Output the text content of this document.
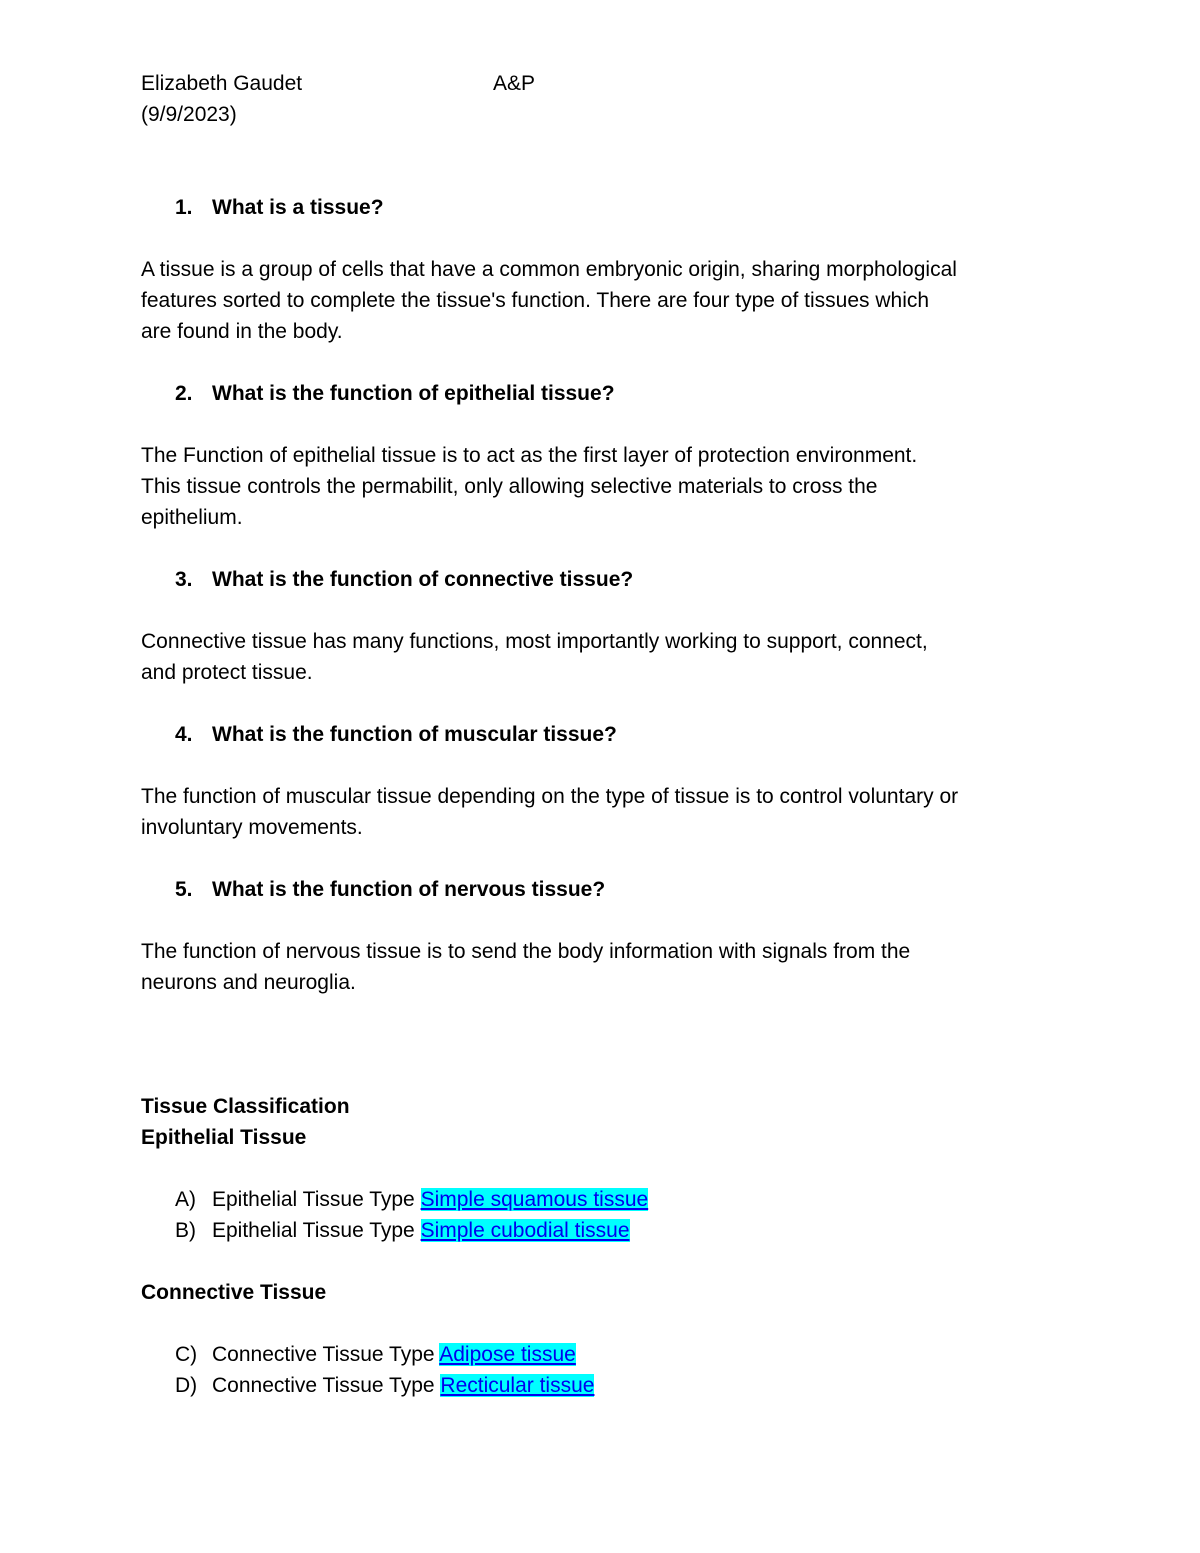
Elizabeth Gaudet	A&P
(9/9/2023)
1. What is a tissue?
A tissue is a group of cells that have a common embryonic origin, sharing morphological
features sorted to complete the tissue's function. There are four type of tissues which
are found in the body.
2. What is the function of epithelial tissue?
The Function of epithelial tissue is to act as the first layer of protection environment.
This tissue controls the permabilit, only allowing selective materials to cross the
epithelium.
3. What is the function of connective tissue?
Connective tissue has many functions, most importantly working to support, connect,
and protect tissue.
4. What is the function of muscular tissue?
The function of muscular tissue depending on the type of tissue is to control voluntary or
involuntary movements.
5. What is the function of nervous tissue?
The function of nervous tissue is to send the body information with signals from the
neurons and neuroglia.
Tissue Classification
Epithelial Tissue
A) Epithelial Tissue Type Simple squamous tissue
B) Epithelial Tissue Type Simple cubodial tissue
Connective Tissue
C) Connective Tissue Type Adipose tissue
D) Connective Tissue Type Recticular tissue
